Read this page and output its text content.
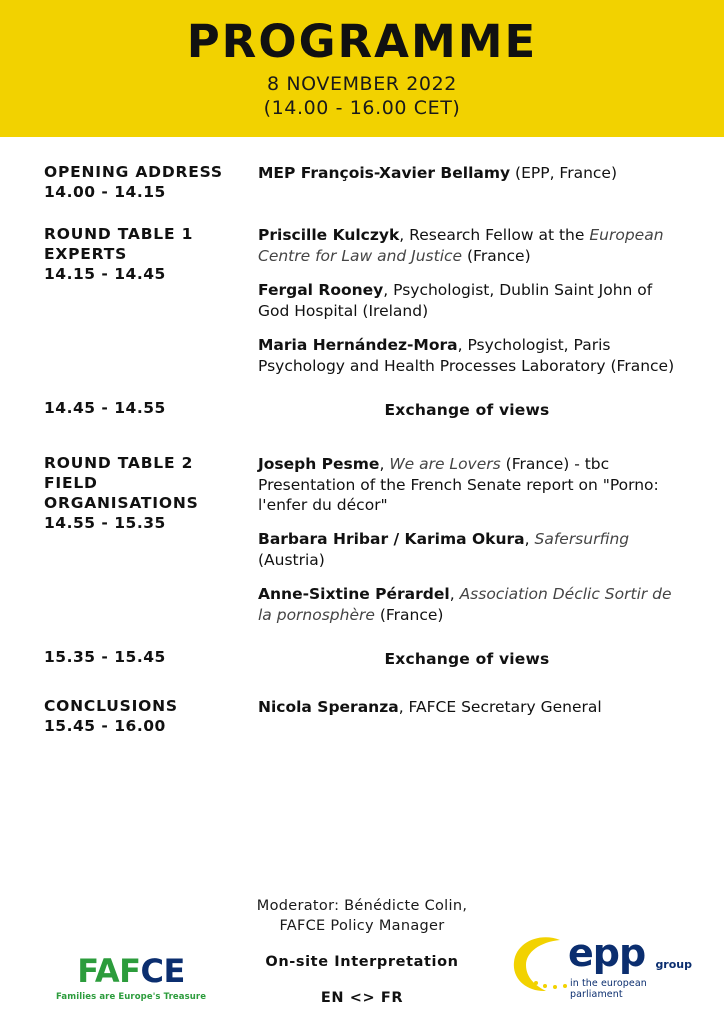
PROGRAMME
8 NOVEMBER 2022
(14.00 - 16.00 CET)
OPENING ADDRESS
14.00 - 14.15
MEP François-Xavier Bellamy (EPP, France)
ROUND TABLE 1
EXPERTS
14.15 - 14.45
Priscille Kulczyk, Research Fellow at the European Centre for Law and Justice (France)
Fergal Rooney, Psychologist, Dublin Saint John of God Hospital (Ireland)
Maria Hernández-Mora, Psychologist, Paris Psychology and Health Processes Laboratory (France)
14.45 - 14.55	Exchange of views
ROUND TABLE 2
FIELD
ORGANISATIONS
14.55 - 15.35
Joseph Pesme, We are Lovers (France) - tbc Presentation of the French Senate report on "Porno: l'enfer du décor"
Barbara Hribar / Karima Okura, Safersurfing (Austria)
Anne-Sixtine Pérardel, Association Déclic Sortir de la pornosphère (France)
15.35 - 15.45	Exchange of views
CONCLUSIONS
15.45 - 16.00
Nicola Speranza, FAFCE Secretary General
Moderator: Bénédicte Colin,
FAFCE Policy Manager
On-site Interpretation
EN <> FR
FAFCE
Families are Europe's Treasure
epp group
in the european parliament
